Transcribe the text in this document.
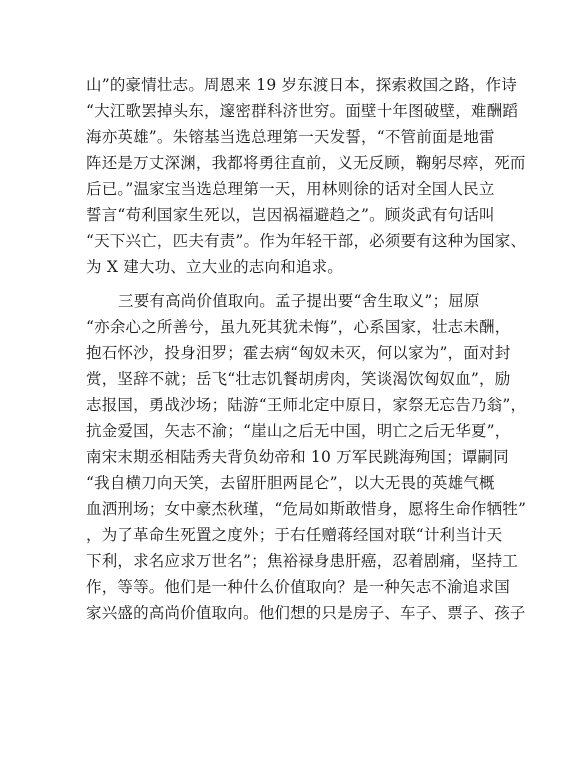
山”的豪情壮志。周恩来 19 岁东渡日本，探索救国之路，作诗
“大江歌罢掉头东，邃密群科济世穷。面壁十年图破壁，难酬蹈
海亦英雄”。朱镕基当选总理第一天发誓，“不管前面是地雷
阵还是万丈深渊，我都将勇往直前，义无反顾，鞠躬尽瘁，死而
后已。”温家宝当选总理第一天，用林则徐的话对全国人民立
誓言“苟利国家生死以，岂因祸福避趋之”。顾炎武有句话叫
“天下兴亡，匹夫有责”。作为年轻干部，必须要有这种为国家、
为 X 建大功、立大业的志向和追求。
三要有高尚价值取向。孟子提出要“舍生取义”；屈原
“亦余心之所善兮，虽九死其犹未悔”，心系国家，壮志未酬，
抱石怀沙，投身汨罗；霍去病“匈奴未灭，何以家为”，面对封
赏，坚辞不就；岳飞“壮志饥餐胡虏肉，笑谈渴饮匈奴血”，励
志报国，勇战沙场；陆游“王师北定中原日，家祭无忘告乃翁”，
抗金爱国，矢志不渝；“崖山之后无中国，明亡之后无华夏”，
南宋末期丞相陆秀夫背负幼帝和 10 万军民跳海殉国；谭嗣同
“我自横刀向天笑，去留肝胆两昆仑”，以大无畏的英雄气概
血洒刑场；女中豪杰秋瑾，“危局如斯敢惜身，愿将生命作牺牲”
，为了革命生死置之度外；于右任赠蒋经国对联“计利当计天
下利，求名应求万世名”；焦裕禄身患肝癌，忍着剧痛，坚持工
作，等等。他们是一种什么价值取向？是一种矢志不渝追求国
家兴盛的高尚价值取向。他们想的只是房子、车子、票子、孩子
